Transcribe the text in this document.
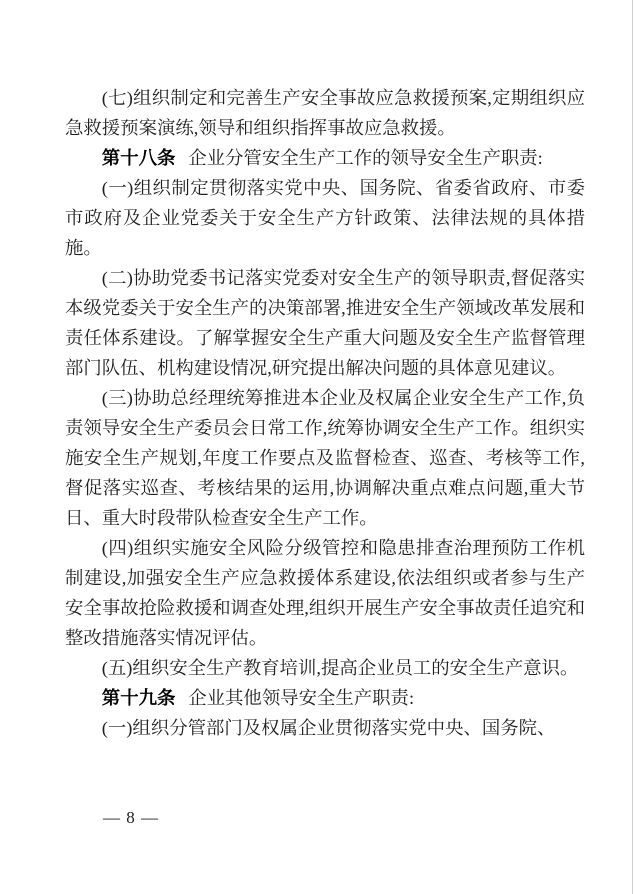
(七)组织制定和完善生产安全事故应急救援预案,定期组织应急救援预案演练,领导和组织指挥事故应急救援。

第十八条 企业分管安全生产工作的领导安全生产职责:

(一)组织制定贯彻落实党中央、国务院、省委省政府、市委市政府及企业党委关于安全生产方针政策、法律法规的具体措施。

(二)协助党委书记落实党委对安全生产的领导职责,督促落实本级党委关于安全生产的决策部署,推进安全生产领域改革发展和责任体系建设。了解掌握安全生产重大问题及安全生产监督管理部门队伍、机构建设情况,研究提出解决问题的具体意见建议。

(三)协助总经理统筹推进本企业及权属企业安全生产工作,负责领导安全生产委员会日常工作,统筹协调安全生产工作。组织实施安全生产规划,年度工作要点及监督检查、巡查、考核等工作,督促落实巡查、考核结果的运用,协调解决重点难点问题,重大节日、重大时段带队检查安全生产工作。

(四)组织实施安全风险分级管控和隐患排查治理预防工作机制建设,加强安全生产应急救援体系建设,依法组织或者参与生产安全事故抢险救援和调查处理,组织开展生产安全事故责任追究和整改措施落实情况评估。

(五)组织安全生产教育培训,提高企业员工的安全生产意识。

第十九条 企业其他领导安全生产职责:

(一)组织分管部门及权属企业贯彻落实党中央、国务院、

— 8 —
